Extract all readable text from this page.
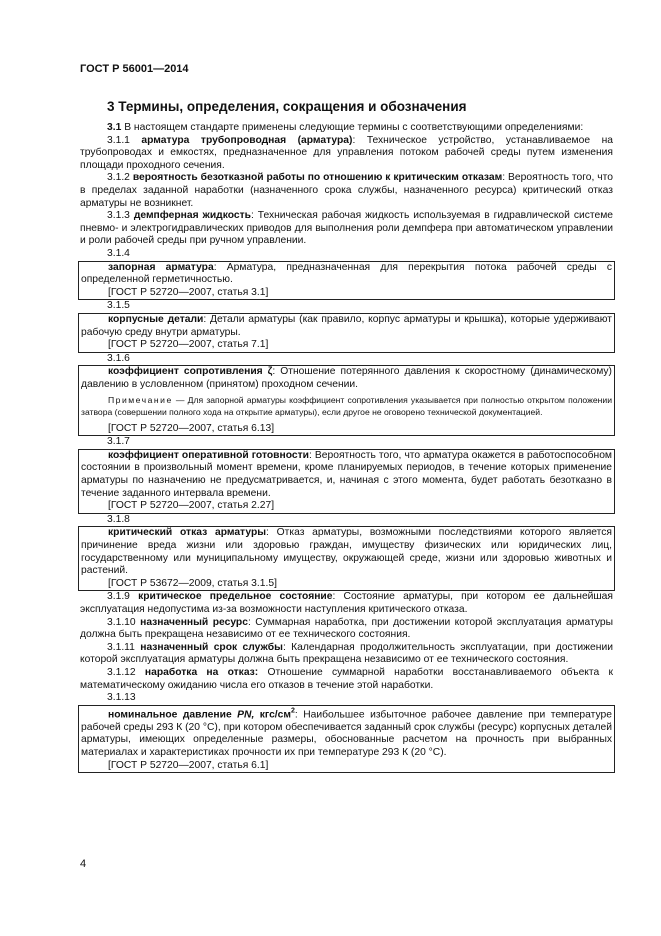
ГОСТ Р 56001—2014
3 Термины, определения, сокращения и обозначения

3.1 В настоящем стандарте применены следующие термины с соответствующими определениями:

3.1.1 арматура трубопроводная (арматура): Техническое устройство, устанавливаемое на трубопроводах и емкостях, предназначенное для управления потоком рабочей среды путем изменения площади проходного сечения.

3.1.2 вероятность безотказной работы по отношению к критическим отказам: Вероятность того, что в пределах заданной наработки (назначенного срока службы, назначенного ресурса) критический отказ арматуры не возникнет.

3.1.3 демпферная жидкость: Техническая рабочая жидкость используемая в гидравлической системе пневмо- и электрогидравлических приводов для выполнения роли демпфера при автоматическом управлении и роли рабочей среды при ручном управлении.

3.1.4

запорная арматура: Арматура, предназначенная для перекрытия потока рабочей среды с определенной герметичностью.

[ГОСТ Р 52720—2007, статья 3.1]
3.1.5

корпусные детали: Детали арматуры (как правило, корпус арматуры и крышка), которые удерживают рабочую среду внутри арматуры.

[ГОСТ Р 52720—2007, статья 7.1]
3.1.6

коэффициент сопротивления ζ: Отношение потерянного давления к скоростному (динамическому) давлению в условленном (принятом) проходном сечении.

Примечание — Для запорной арматуры коэффициент сопротивления указывается при полностью открытом положении затвора (совершении полного хода на открытие арматуры), если другое не оговорено технической документацией.

[ГОСТ Р 52720—2007, статья 6.13]
3.1.7

коэффициент оперативной готовности: Вероятность того, что арматура окажется в работоспособном состоянии в произвольный момент времени, кроме планируемых периодов, в течение которых применение арматуры по назначению не предусматривается, и, начиная с этого момента, будет работать безотказно в течение заданного интервала времени.

[ГОСТ Р 52720—2007, статья 2.27]
3.1.8

критический отказ арматуры: Отказ арматуры, возможными последствиями которого является причинение вреда жизни или здоровью граждан, имуществу физических или юридических лиц, государственному или муниципальному имуществу, окружающей среде, жизни или здоровью животных и растений.

[ГОСТ Р 53672—2009, статья 3.1.5]

3.1.9 критическое предельное состояние: Состояние арматуры, при котором ее дальнейшая эксплуатация недопустима из-за возможности наступления критического отказа.

3.1.10 назначенный ресурс: Суммарная наработка, при достижении которой эксплуатация арматуры должна быть прекращена независимо от ее технического состояния.

3.1.11 назначенный срок службы: Календарная продолжительность эксплуатации, при достижении которой эксплуатация арматуры должна быть прекращена независимо от ее технического состояния.

3.1.12 наработка на отказ: Отношение суммарной наработки восстанавливаемого объекта к математическому ожиданию числа его отказов в течение этой наработки.

3.1.13

номинальное давление PN, кгс/$см^2$: Наибольшее избыточное рабочее давление при температуре рабочей среды 293 К (20 °С), при котором обеспечивается заданный срок службы (ресурс) корпусных деталей арматуры, имеющих определенные размеры, обоснованные расчетом на прочность при выбранных материалах и характеристиках прочности их при температуре 293 К (20 °С).

[ГОСТ Р 52720—2007, статья 6.1]
4
